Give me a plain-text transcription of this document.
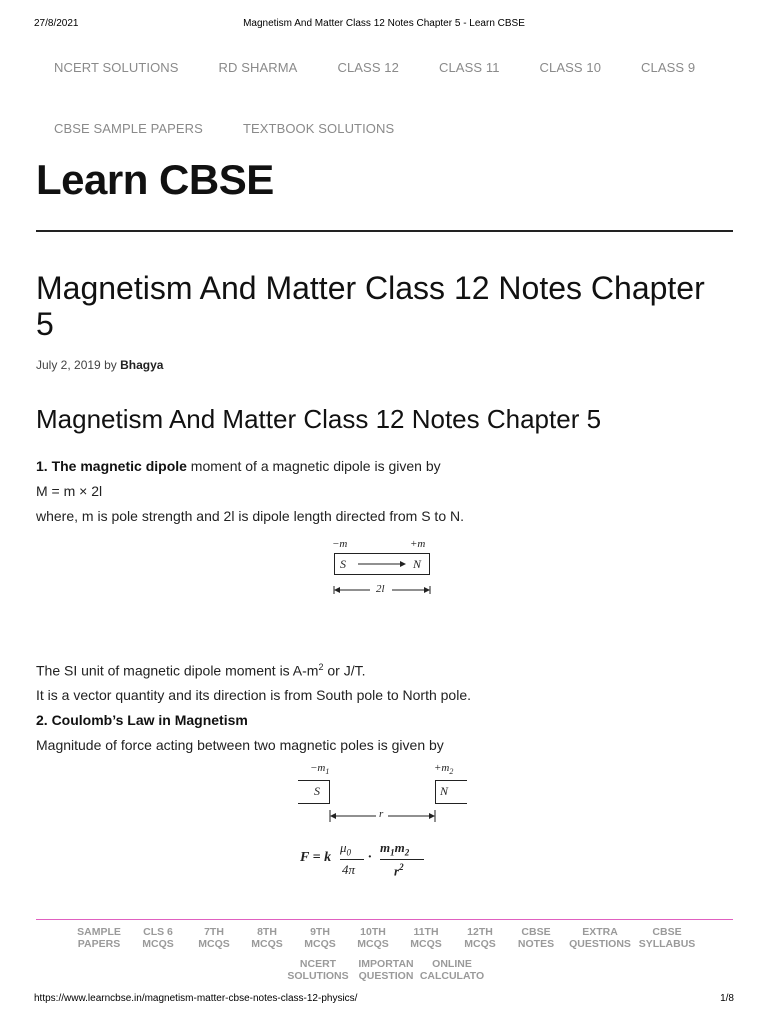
27/8/2021	Magnetism And Matter Class 12 Notes Chapter 5 - Learn CBSE
NCERT SOLUTIONS	RD SHARMA	CLASS 12	CLASS 11	CLASS 10	CLASS 9
CBSE SAMPLE PAPERS	TEXTBOOK SOLUTIONS
Learn CBSE
Magnetism And Matter Class 12 Notes Chapter 5
July 2, 2019 by Bhagya
Magnetism And Matter Class 12 Notes Chapter 5

1. The magnetic dipole moment of a magnetic dipole is given by

M = m × 2l

where, m is pole strength and 2l is dipole length directed from S to N.

−m	+m
S	N
2l

The SI unit of magnetic dipole moment is $A-m^2$ or J/T.

It is a vector quantity and its direction is from South pole to North pole.

2. Coulomb’s Law in Magnetism

Magnitude of force acting between two magnetic poles is given by

$-m_1$	$+m_2$
S	N
r
F = k
$\mu_0$
4π
·
$m_1m_2$
$r^2$
SAMPLE
PAPERS
CLS 6
MCQS
7TH
MCQS
8TH
MCQS
9TH
MCQS
10TH
MCQS
11TH
MCQS
12TH
MCQS
CBSE
NOTES
EXTRA
QUESTIONS
CBSE
SYLLABUS
NCERT
SOLUTIONS
IMPORTAN
QUESTION
ONLINE
CALCULATO
https://www.learncbse.in/magnetism-matter-cbse-notes-class-12-physics/	1/8
